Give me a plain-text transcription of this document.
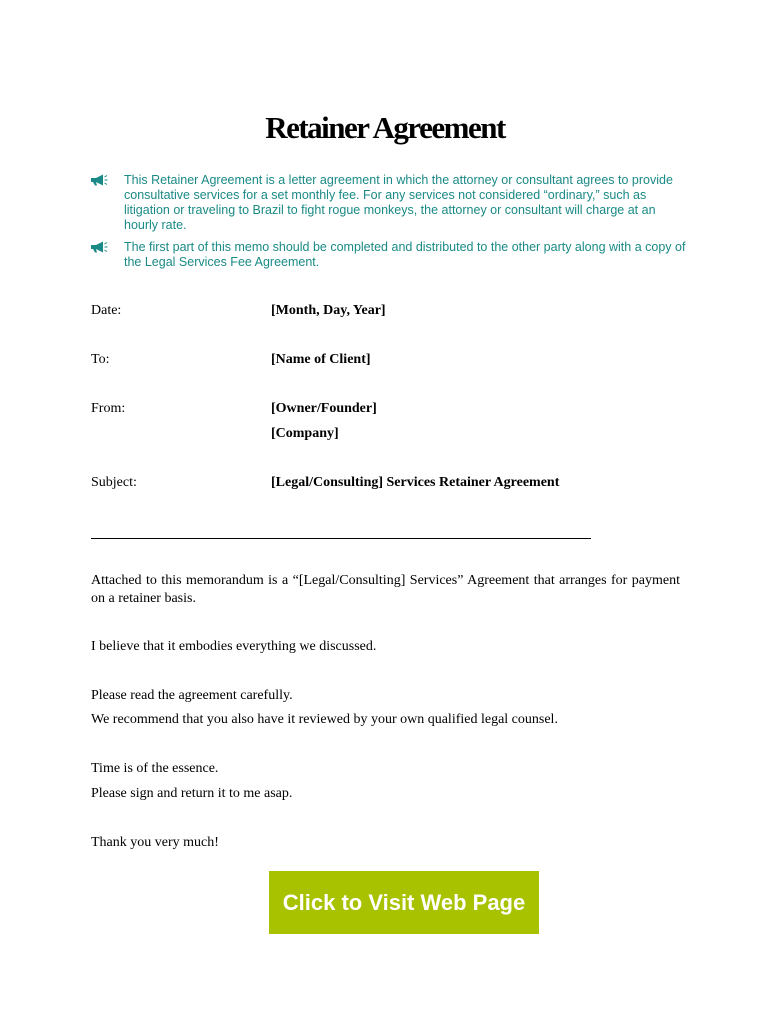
Retainer Agreement
This Retainer Agreement is a letter agreement in which the attorney or consultant agrees to provide consultative services for a set monthly fee. For any services not considered “ordinary,” such as litigation or traveling to Brazil to fight rogue monkeys, the attorney or consultant will charge at an hourly rate.
The first part of this memo should be completed and distributed to the other party along with a copy of the Legal Services Fee Agreement.
Date:	[Month, Day, Year]
To:	[Name of Client]
From:	[Owner/Founder]
[Company]
Subject:	[Legal/Consulting] Services Retainer Agreement
Attached to this memorandum is a “[Legal/Consulting] Services” Agreement that arranges for payment on a retainer basis.
I believe that it embodies everything we discussed.
Please read the agreement carefully.
We recommend that you also have it reviewed by your own qualified legal counsel.
Time is of the essence.
Please sign and return it to me asap.
Thank you very much!
Click to Visit Web Page
